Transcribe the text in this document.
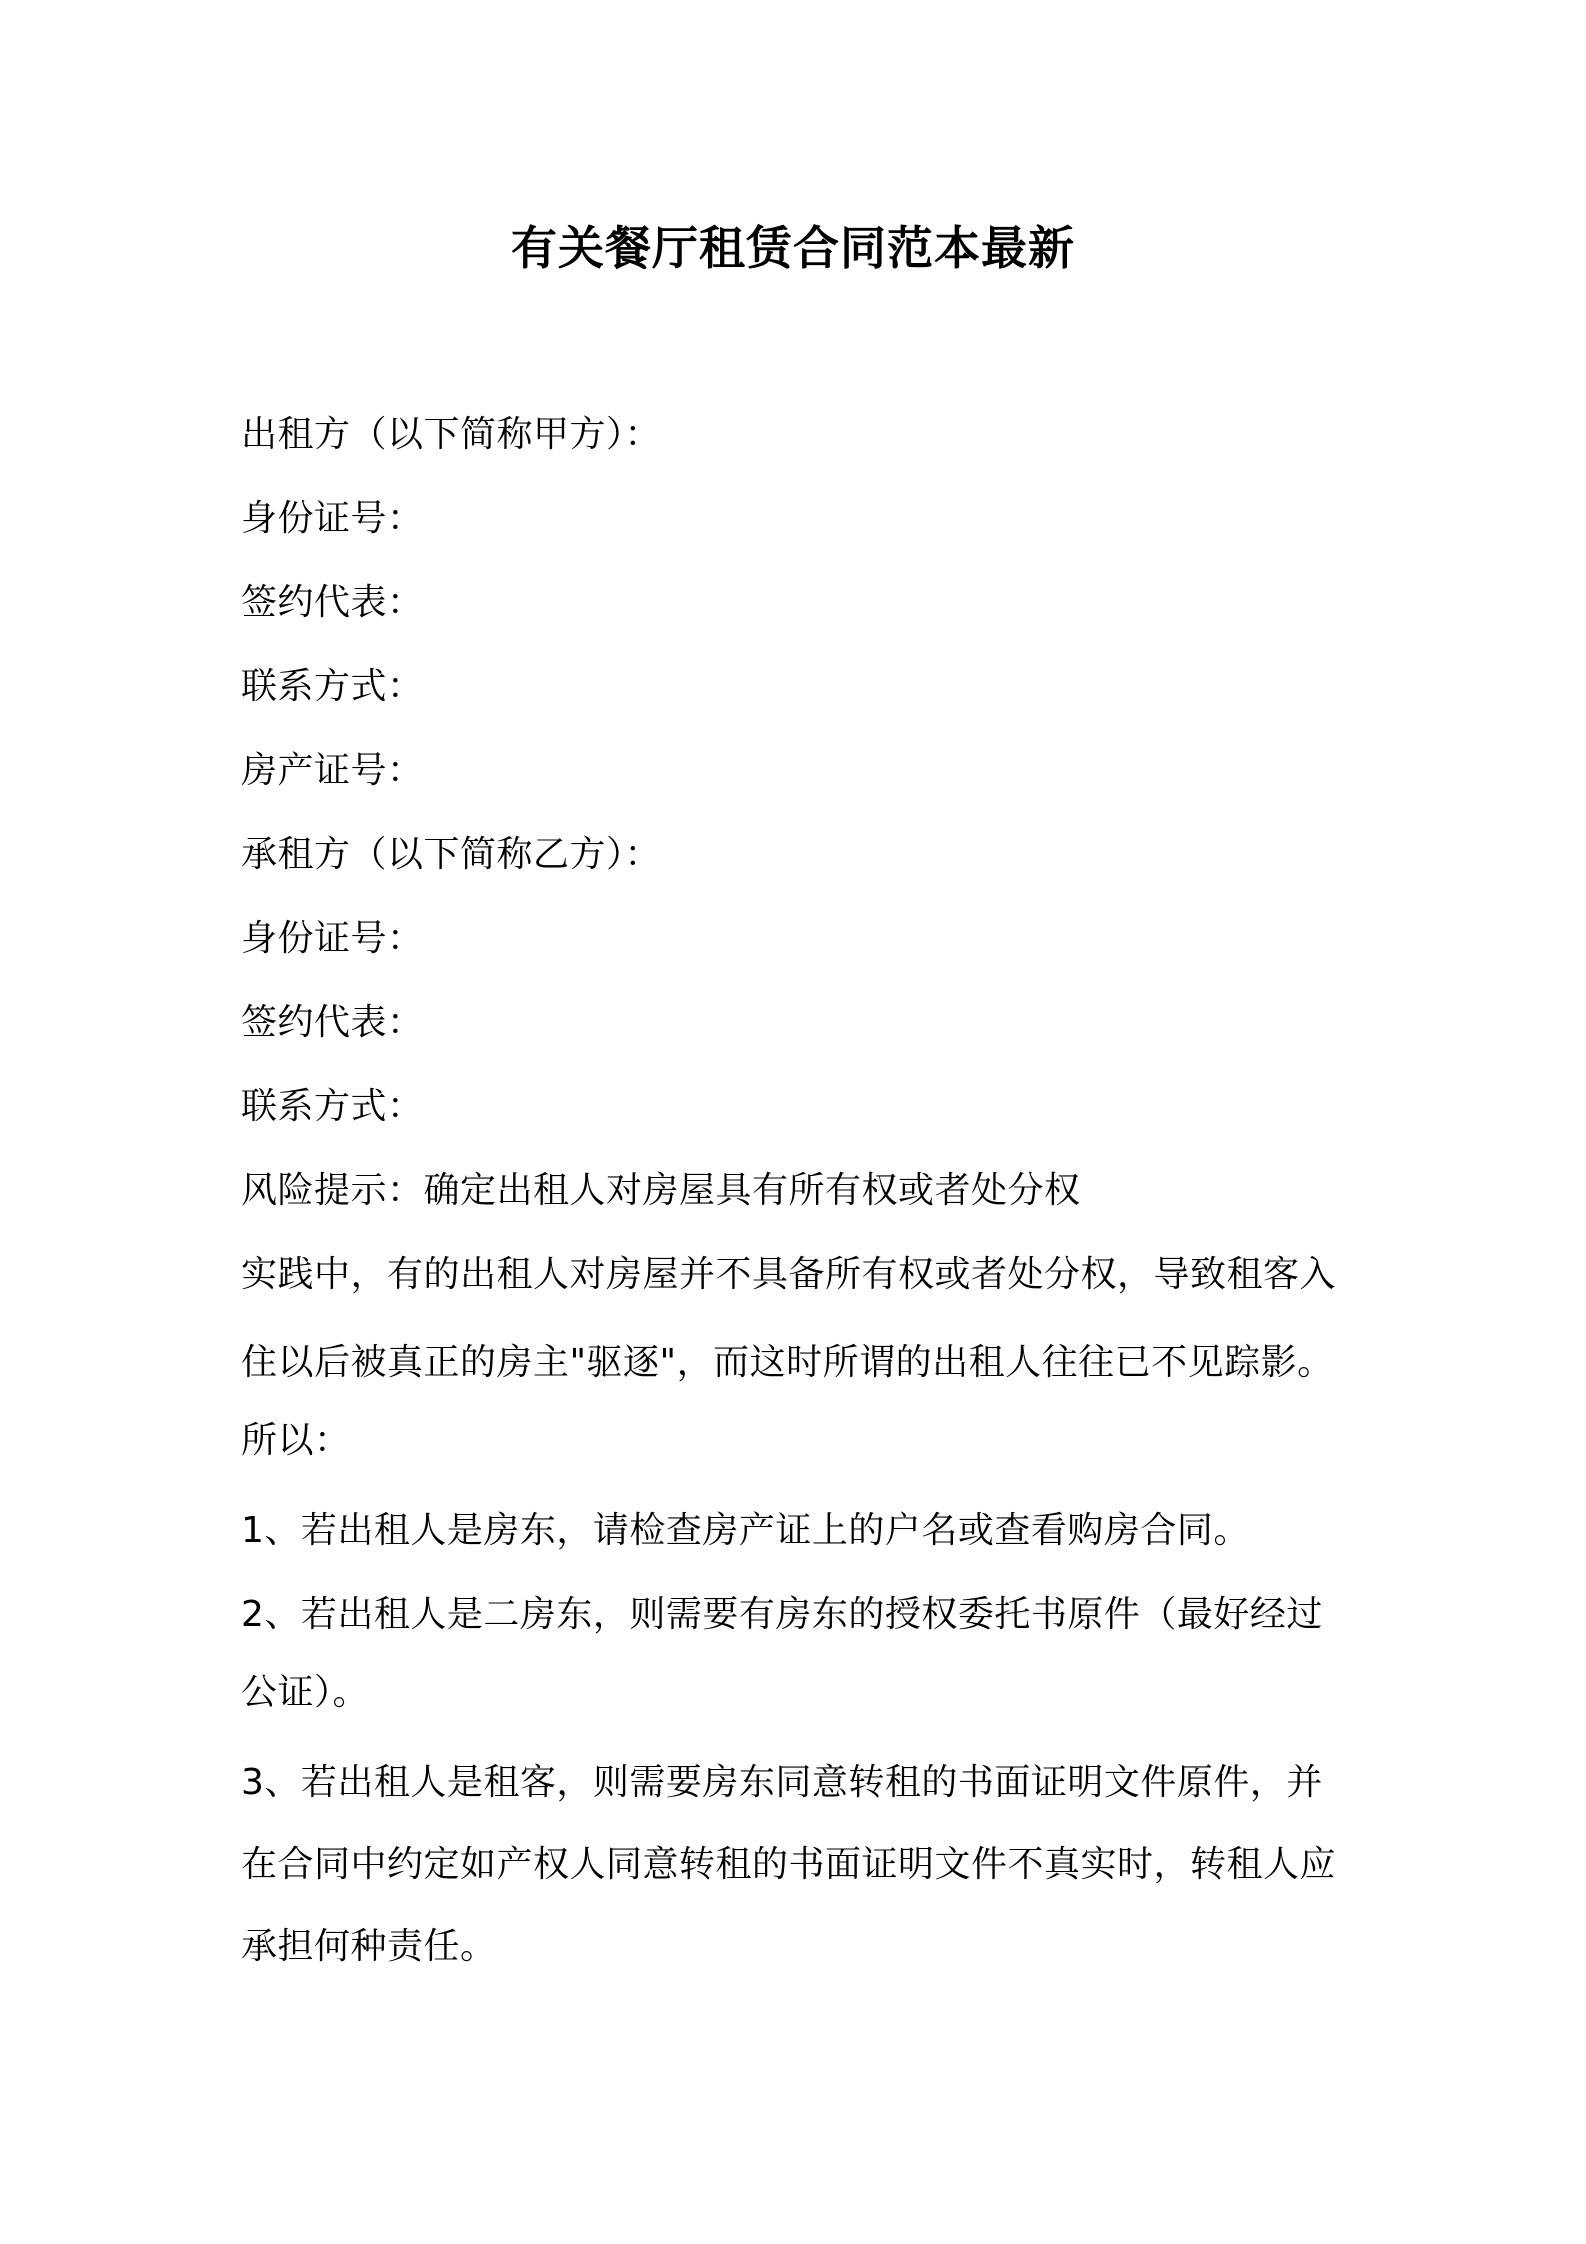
有关餐厅租赁合同范本最新
出租方（以下简称甲方）：
身份证号：
签约代表：
联系方式：
房产证号：
承租方（以下简称乙方）：
身份证号：
签约代表：
联系方式：
风险提示：确定出租人对房屋具有所有权或者处分权
实践中，有的出租人对房屋并不具备所有权或者处分权，导致租客入
住以后被真正的房主"驱逐"，而这时所谓的出租人往往已不见踪影。
所以：
1、若出租人是房东，请检查房产证上的户名或查看购房合同。
2、若出租人是二房东，则需要有房东的授权委托书原件（最好经过
公证）。
3、若出租人是租客，则需要房东同意转租的书面证明文件原件，并
在合同中约定如产权人同意转租的书面证明文件不真实时，转租人应
承担何种责任。
